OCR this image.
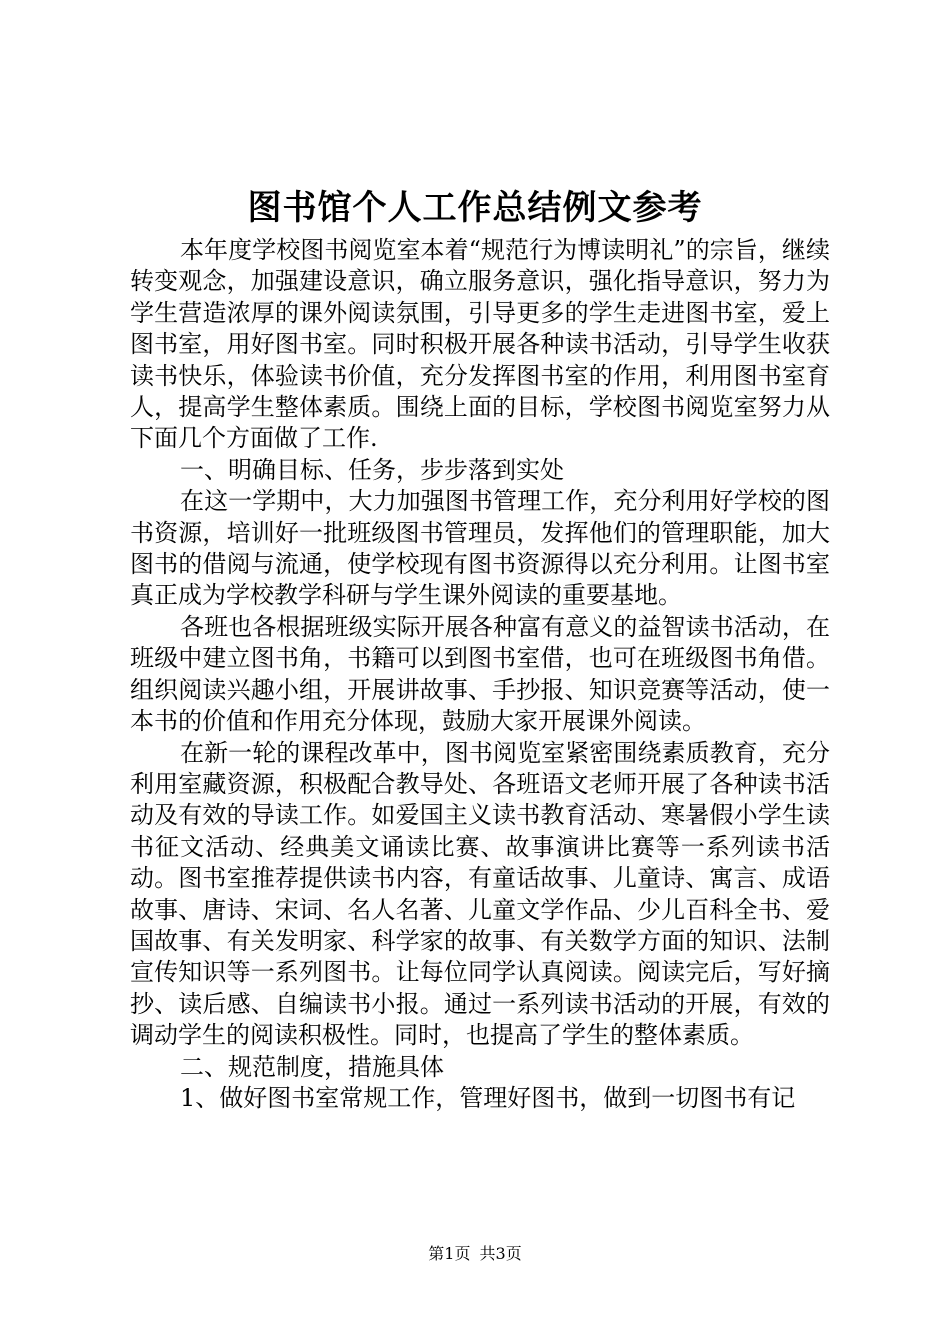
图书馆个人工作总结例文参考

本年度学校图书阅览室本着“规范行为博读明礼”的宗旨，继续转变观念，加强建设意识，确立服务意识，强化指导意识，努力为学生营造浓厚的课外阅读氛围，引导更多的学生走进图书室，爱上图书室，用好图书室。同时积极开展各种读书活动，引导学生收获读书快乐，体验读书价值，充分发挥图书室的作用，利用图书室育人，提高学生整体素质。围绕上面的目标，学校图书阅览室努力从下面几个方面做了工作.

一、明确目标、任务，步步落到实处

在这一学期中，大力加强图书管理工作，充分利用好学校的图书资源，培训好一批班级图书管理员，发挥他们的管理职能，加大图书的借阅与流通，使学校现有图书资源得以充分利用。让图书室真正成为学校教学科研与学生课外阅读的重要基地。

各班也各根据班级实际开展各种富有意义的益智读书活动，在班级中建立图书角，书籍可以到图书室借，也可在班级图书角借。组织阅读兴趣小组，开展讲故事、手抄报、知识竞赛等活动，使一本书的价值和作用充分体现，鼓励大家开展课外阅读。

在新一轮的课程改革中，图书阅览室紧密围绕素质教育，充分利用室藏资源，积极配合教导处、各班语文老师开展了各种读书活动及有效的导读工作。如爱国主义读书教育活动、寒暑假小学生读书征文活动、经典美文诵读比赛、故事演讲比赛等一系列读书活动。图书室推荐提供读书内容，有童话故事、儿童诗、寓言、成语故事、唐诗、宋词、名人名著、儿童文学作品、少儿百科全书、爱国故事、有关发明家、科学家的故事、有关数学方面的知识、法制宣传知识等一系列图书。让每位同学认真阅读。阅读完后，写好摘抄、读后感、自编读书小报。通过一系列读书活动的开展，有效的调动学生的阅读积极性。同时，也提高了学生的整体素质。

二、规范制度，措施具体

1、做好图书室常规工作，管理好图书，做到一切图书有记

第1页 共3页
